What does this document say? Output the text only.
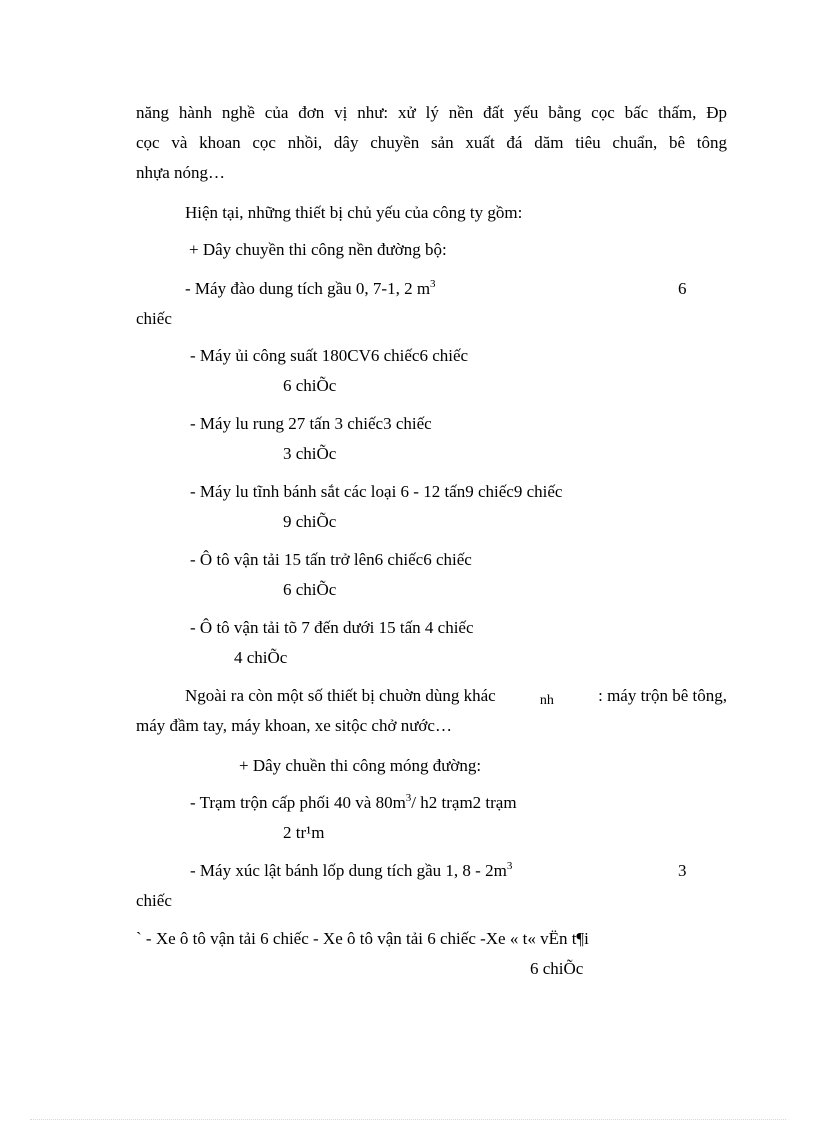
năng hành nghề của đơn vị như: xử lý nền đất yếu bằng cọc bấc thấm, Đp
cọc và khoan cọc nhồi, dây chuyền sản xuất đá dăm tiêu chuẩn, bê tông
nhựa nóng…
Hiện tại, những thiết bị chủ yếu của công ty gồm:
+ Dây chuyền thi công nền đường bộ:
- Máy đào dung tích gầu 0, 7-1, 2 $m^3$	6
chiếc
- Máy ủi công suất 180CV6 chiếc6 chiếc
6 chiÕc
- Máy lu rung 27 tấn 3 chiếc3 chiếc
3 chiÕc
- Máy lu tĩnh bánh sắt các loại 6 - 12 tấn9 chiếc9 chiếc
9 chiÕc
- Ô tô vận tải 15 tấn trở lên6 chiếc6 chiếc
6 chiÕc
- Ô tô vận tải tõ 7 đến dưới 15 tấn 4 chiếc
4 chiÕc
Ngoài ra còn một số thiết bị chuờn dùng khác	nh	: máy trộn bê tông,
máy đầm tay, máy khoan, xe sitộc chở nước…
+ Dây chuền thi công móng đường:
- Trạm trộn cấp phối 40 và $80m^3/$ h2 trạm2 trạm
2 tr¹m
- Máy xúc lật bánh lốp dung tích gầu 1, $8 - 2m^3$	3
chiếc
` - Xe ô tô vận tải 6 chiếc - Xe ô tô vận tải 6 chiếc -Xe « t« vËn t¶i
6 chiÕc
